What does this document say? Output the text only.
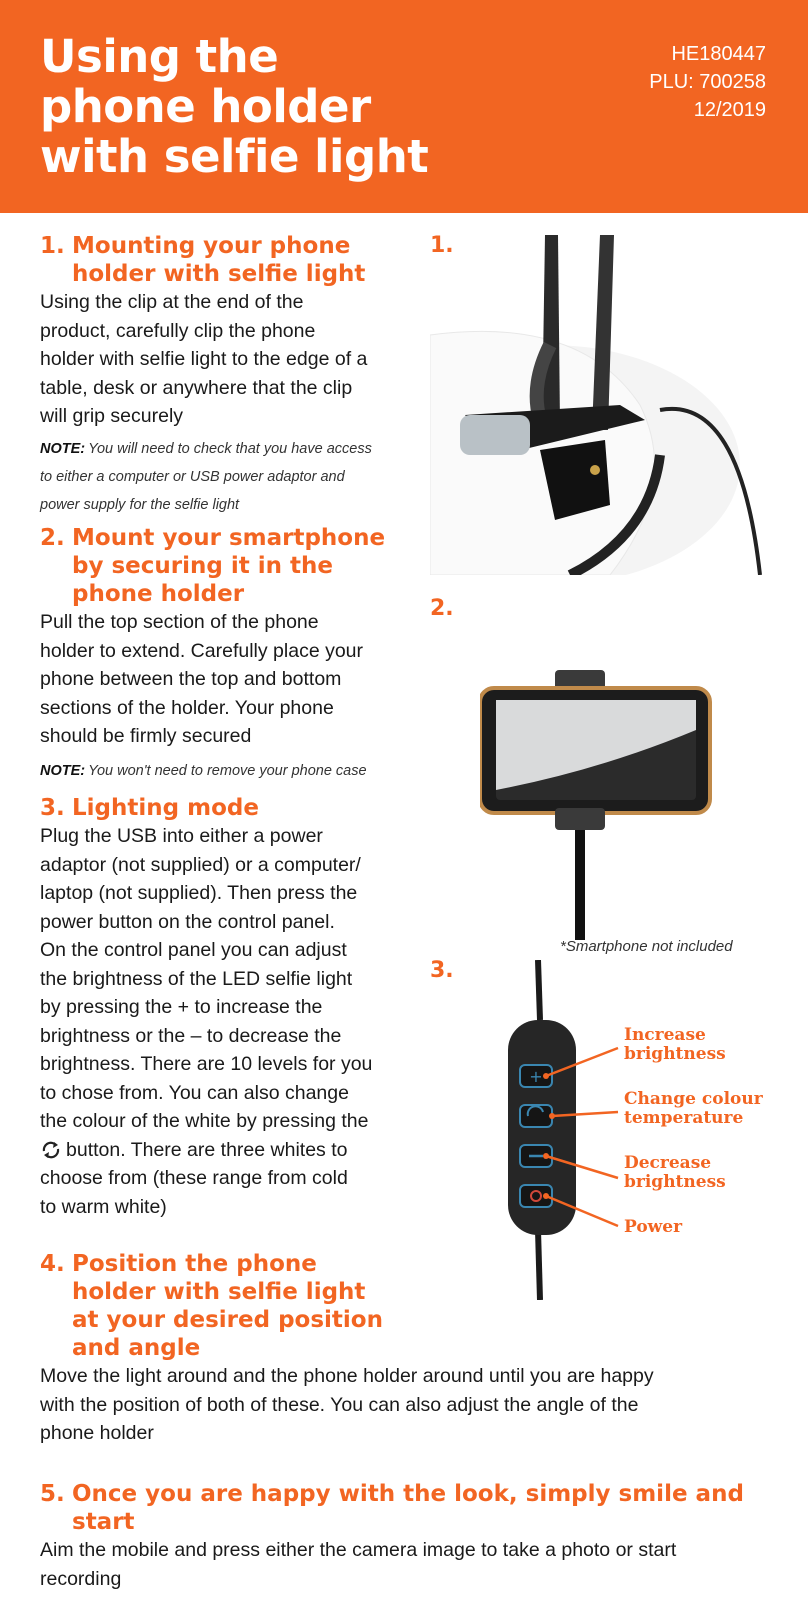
Using the
phone holder
with selfie light
HE180447
PLU: 700258
12/2019
1. Mounting your phone
holder with selfie light
Using the clip at the end of the
product, carefully clip the phone
holder with selfie light to the edge of a
table, desk or anywhere that the clip
will grip securely
NOTE: You will need to check that you have access
to either a computer or USB power adaptor and
power supply for the selfie light
2. Mount your smartphone
by securing it in the
phone holder
Pull the top section of the phone
holder to extend. Carefully place your
phone between the top and bottom
sections of the holder. Your phone
should be firmly secured
NOTE: You won't need to remove your phone case
3. Lighting mode
Plug the USB into either a power
adaptor (not supplied) or a computer/
laptop (not supplied). Then press the
power button on the control panel.
On the control panel you can adjust
the brightness of the LED selfie light
by pressing the + to increase the
brightness or the – to decrease the
brightness. There are 10 levels for you
to chose from. You can also change
the colour of the white by pressing the
button. There are three whites to
choose from (these range from cold
to warm white)
4. Position the phone
holder with selfie light
at your desired position
and angle
Move the light around and the phone holder around until you are happy
with the position of both of these. You can also adjust the angle of the
phone holder
5. Once you are happy with the look, simply smile and
start
Aim the mobile and press either the camera image to take a photo or start
recording
1.
2.
3.
*Smartphone not included
+
Increase
brightness
Change colour
temperature
Decrease
brightness
Power
